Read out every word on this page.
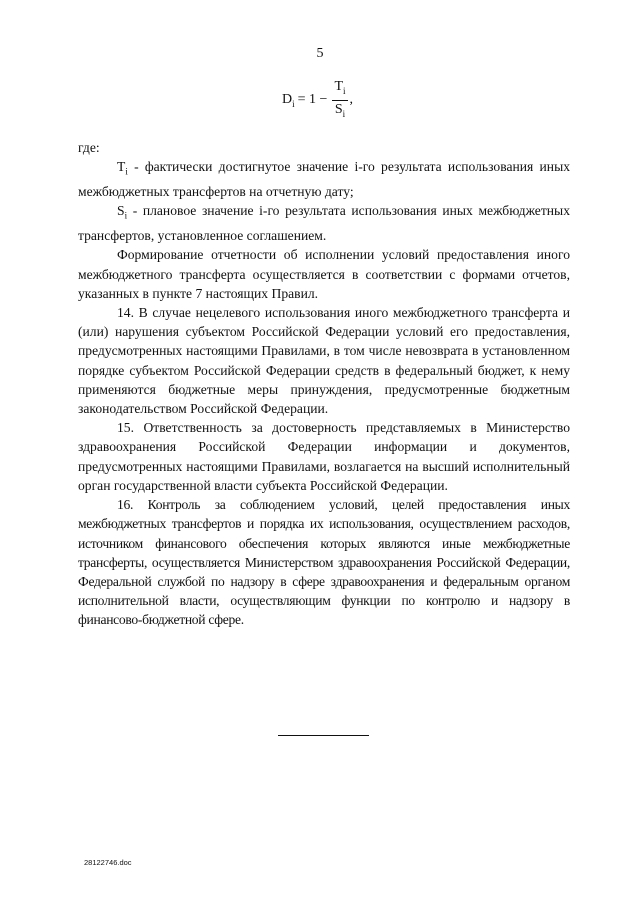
5
$D_i = 1 - \frac{T_i}{S_i}$ ,

где:

$T_i$ - фактически достигнутое значение i-го результата использования иных межбюджетных трансфертов на отчетную дату;

$S_i$ - плановое значение i-го результата использования иных межбюджетных трансфертов, установленное соглашением.

Формирование отчетности об исполнении условий предоставления иного межбюджетного трансферта осуществляется в соответствии с формами отчетов, указанных в пункте 7 настоящих Правил.

14. В случае нецелевого использования иного межбюджетного трансферта и (или) нарушения субъектом Российской Федерации условий его предоставления, предусмотренных настоящими Правилами, в том числе невозврата в установленном порядке субъектом Российской Федерации средств в федеральный бюджет, к нему применяются бюджетные меры принуждения, предусмотренные бюджетным законодательством Российской Федерации.

15. Ответственность за достоверность представляемых в Министерство здравоохранения Российской Федерации информации и документов, предусмотренных настоящими Правилами, возлагается на высший исполнительный орган государственной власти субъекта Российской Федерации.

16. Контроль за соблюдением условий, целей предоставления иных межбюджетных трансфертов и порядка их использования, осуществлением расходов, источником финансового обеспечения которых являются иные межбюджетные трансферты, осуществляется Министерством здравоохранения Российской Федерации, Федеральной службой по надзору в сфере здравоохранения и федеральным органом исполнительной власти, осуществляющим функции по контролю и надзору в финансово-бюджетной сфере.

28122746.doc
